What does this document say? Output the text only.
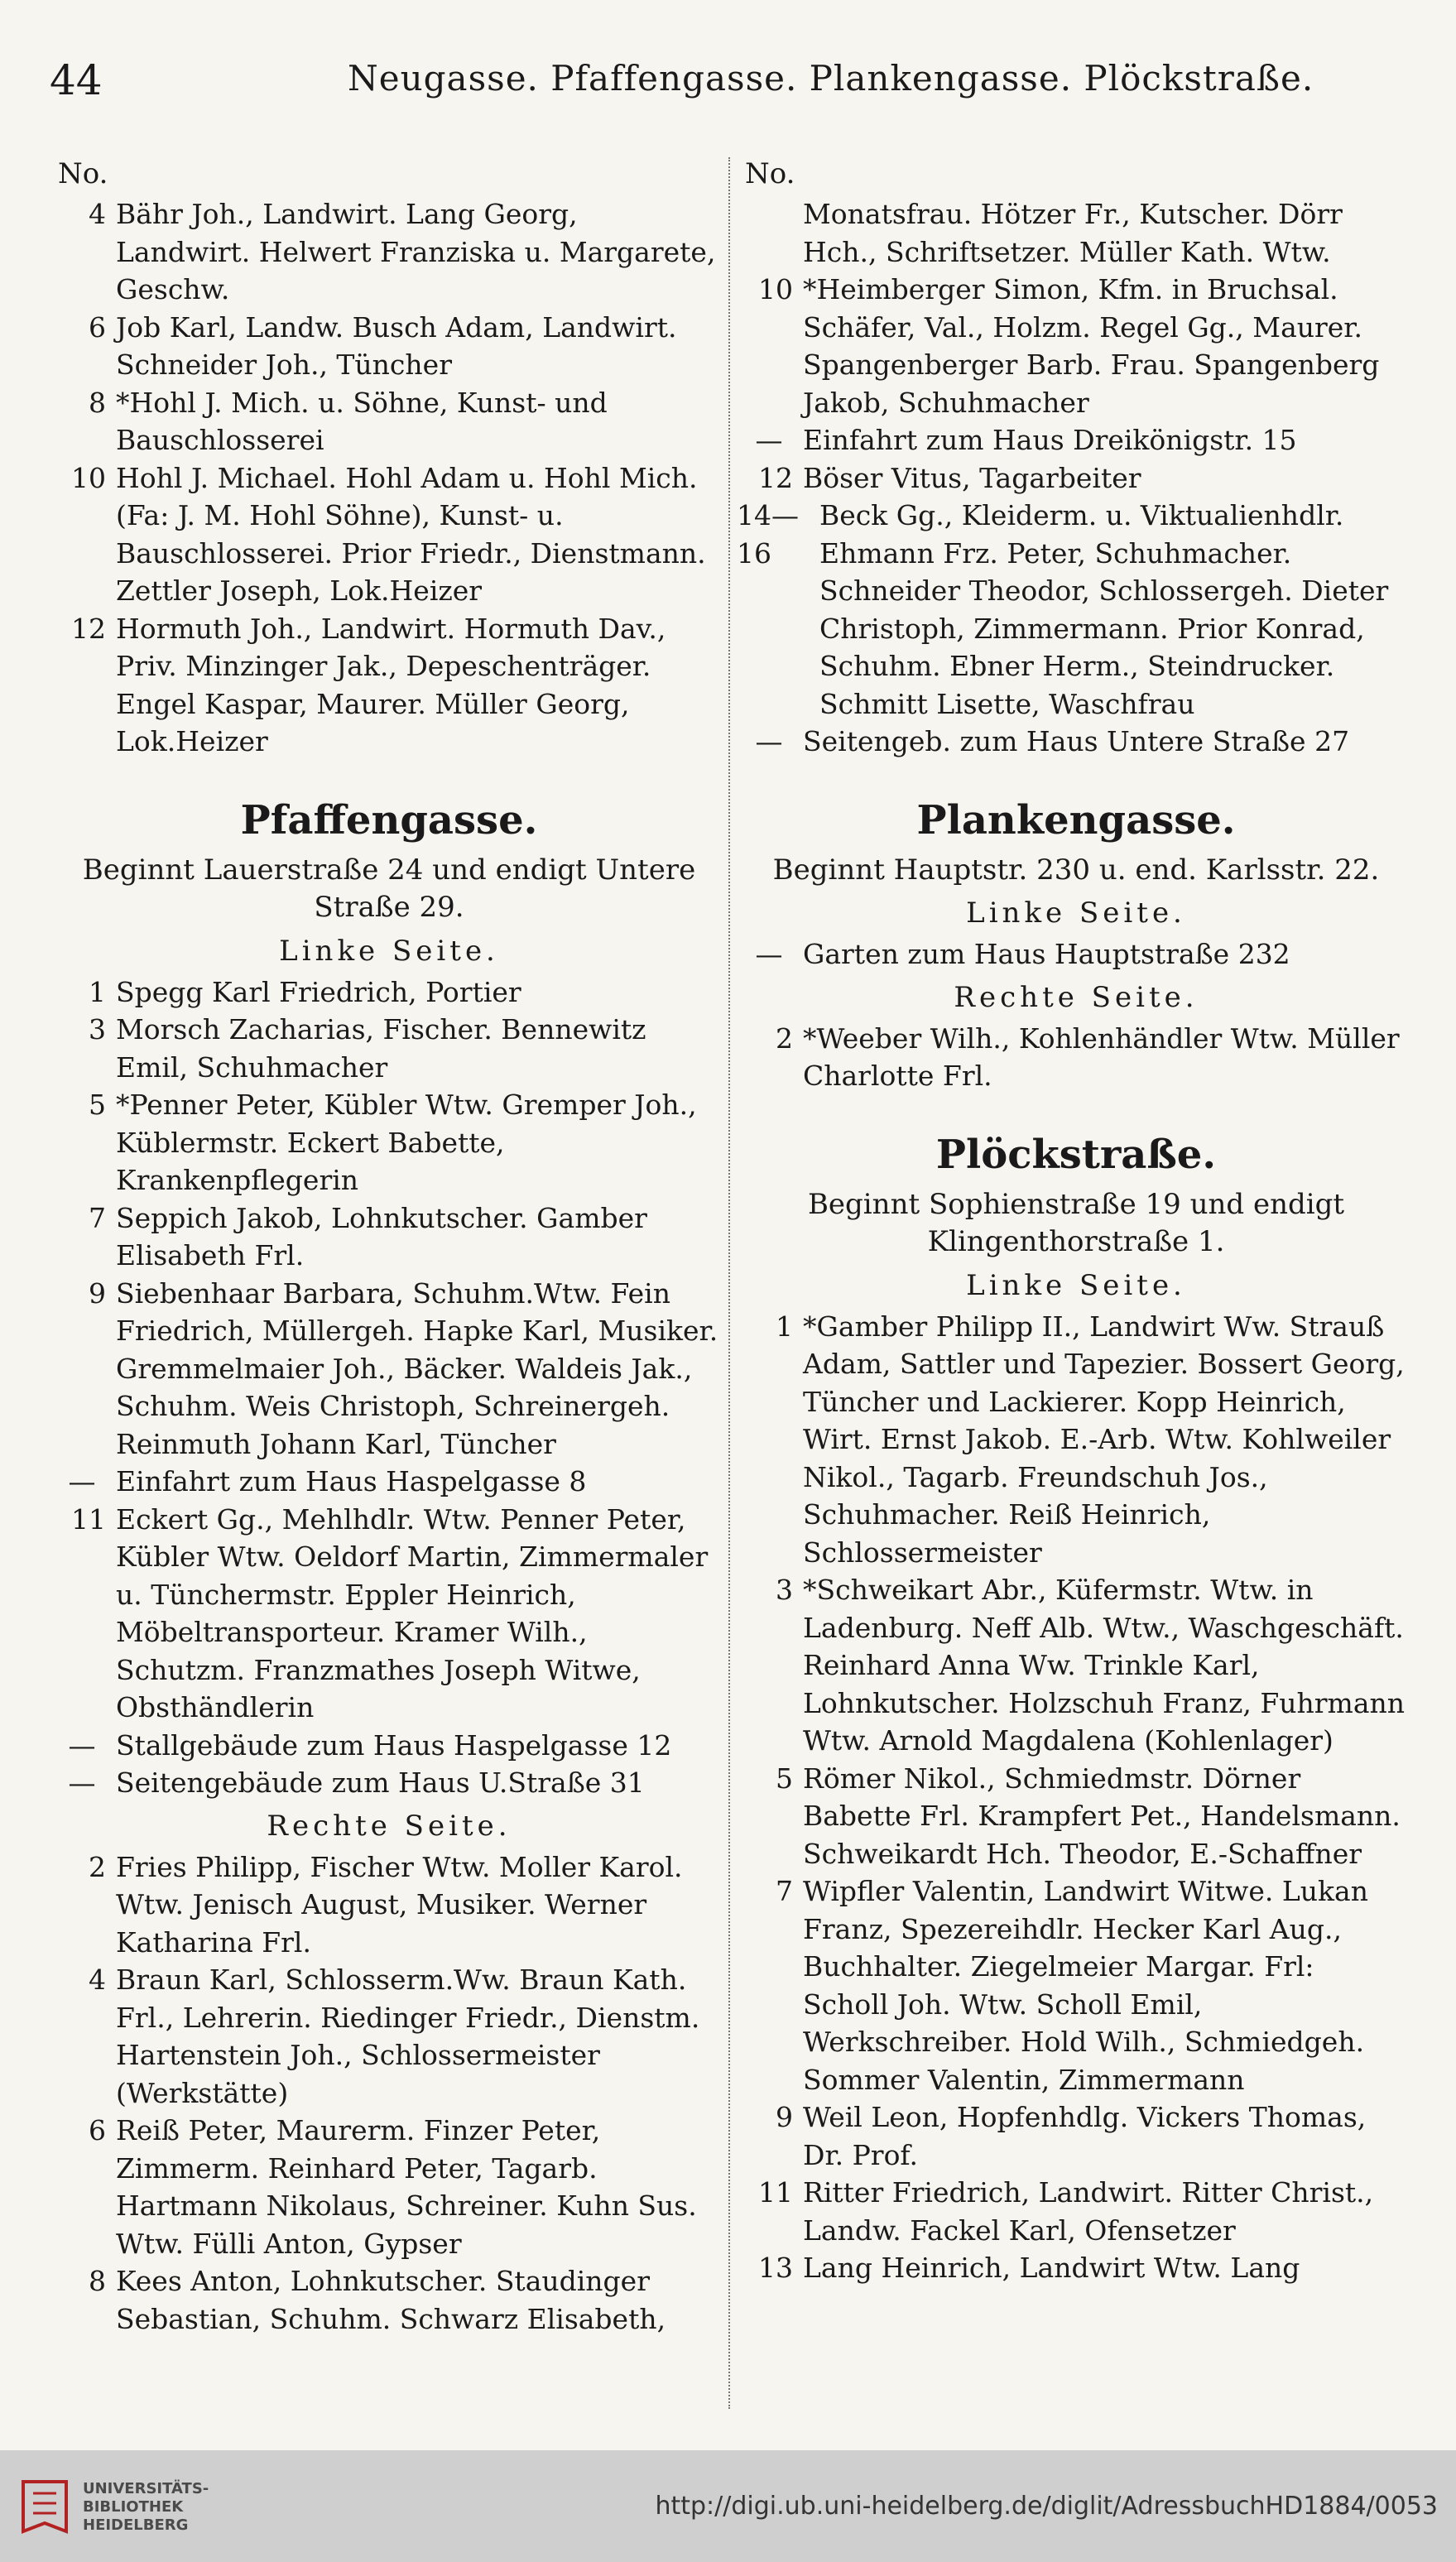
44	Neugasse. Pfaffengasse. Plankengasse. Plöckstraße.
No.
4 Bähr Joh., Landwirt. Lang Georg, Landwirt. Helwert Franziska u. Margarete, Geschw.
6 Job Karl, Landw. Busch Adam, Landwirt. Schneider Joh., Tüncher
8 *Hohl J. Mich. u. Söhne, Kunst- und Bauschlosserei
10 Hohl J. Michael. Hohl Adam u. Hohl Mich. (Fa: J. M. Hohl Söhne), Kunst- u. Bauschlosserei. Prior Friedr., Dienstmann. Zettler Joseph, Lok.Heizer
12 Hormuth Joh., Landwirt. Hormuth Dav., Priv. Minzinger Jak., Depeschenträger. Engel Kaspar, Maurer. Müller Georg, Lok.Heizer
Pfaffengasse.
Beginnt Lauerstraße 24 und endigt Untere Straße 29.
Linke Seite.
1 Spegg Karl Friedrich, Portier
3 Morsch Zacharias, Fischer. Bennewitz Emil, Schuhmacher
5 *Penner Peter, Kübler Wtw. Gremper Joh., Küblermstr. Eckert Babette, Krankenpflegerin
7 Seppich Jakob, Lohnkutscher. Gamber Elisabeth Frl.
9 Siebenhaar Barbara, Schuhm.Wtw. Fein Friedrich, Müllergeh. Hapke Karl, Musiker. Gremmelmaier Joh., Bäcker. Waldeis Jak., Schuhm. Weis Christoph, Schreinergeh. Reinmuth Johann Karl, Tüncher
— Einfahrt zum Haus Haspelgasse 8
11 Eckert Gg., Mehlhdlr. Wtw. Penner Peter, Kübler Wtw. Oeldorf Martin, Zimmermaler u. Tünchermstr. Eppler Heinrich, Möbeltransporteur. Kramer Wilh., Schutzm. Franzmathes Joseph Witwe, Obsthändlerin
— Stallgebäude zum Haus Haspelgasse 12
— Seitengebäude zum Haus U.Straße 31
Rechte Seite.
2 Fries Philipp, Fischer Wtw. Moller Karol. Wtw. Jenisch August, Musiker. Werner Katharina Frl.
4 Braun Karl, Schlosserm.Ww. Braun Kath. Frl., Lehrerin. Riedinger Friedr., Dienstm. Hartenstein Joh., Schlossermeister (Werkstätte)
6 Reiß Peter, Maurerm. Finzer Peter, Zimmerm. Reinhard Peter, Tagarb. Hartmann Nikolaus, Schreiner. Kuhn Sus. Wtw. Fülli Anton, Gypser
8 Kees Anton, Lohnkutscher. Staudinger Sebastian, Schuhm. Schwarz Elisabeth,
No.
Monatsfrau. Hötzer Fr., Kutscher. Dörr Hch., Schriftsetzer. Müller Kath. Wtw.
10 *Heimberger Simon, Kfm. in Bruchsal. Schäfer, Val., Holzm. Regel Gg., Maurer. Spangenberger Barb. Frau. Spangenberg Jakob, Schuhmacher
— Einfahrt zum Haus Dreikönigstr. 15
12 Böser Vitus, Tagarbeiter
14—16
Beck Gg., Kleiderm. u. Viktualienhdlr. Ehmann Frz. Peter, Schuhmacher. Schneider Theodor, Schlossergeh. Dieter Christoph, Zimmermann. Prior Konrad, Schuhm. Ebner Herm., Steindrucker. Schmitt Lisette, Waschfrau
— Seitengeb. zum Haus Untere Straße 27
Plankengasse.
Beginnt Hauptstr. 230 u. end. Karlsstr. 22.
Linke Seite.
— Garten zum Haus Hauptstraße 232
Rechte Seite.
2 *Weeber Wilh., Kohlenhändler Wtw. Müller Charlotte Frl.
Plöckstraße.
Beginnt Sophienstraße 19 und endigt Klingenthorstraße 1.
Linke Seite.
1 *Gamber Philipp II., Landwirt Ww. Strauß Adam, Sattler und Tapezier. Bossert Georg, Tüncher und Lackierer. Kopp Heinrich, Wirt. Ernst Jakob. E.-Arb. Wtw. Kohlweiler Nikol., Tagarb. Freundschuh Jos., Schuhmacher. Reiß Heinrich, Schlossermeister
3 *Schweikart Abr., Küfermstr. Wtw. in Ladenburg. Neff Alb. Wtw., Waschgeschäft. Reinhard Anna Ww. Trinkle Karl, Lohnkutscher. Holzschuh Franz, Fuhrmann Wtw. Arnold Magdalena (Kohlenlager)
5 Römer Nikol., Schmiedmstr. Dörner Babette Frl. Krampfert Pet., Handelsmann. Schweikardt Hch. Theodor, E.-Schaffner
7 Wipfler Valentin, Landwirt Witwe. Lukan Franz, Spezereihdlr. Hecker Karl Aug., Buchhalter. Ziegelmeier Margar. Frl: Scholl Joh. Wtw. Scholl Emil, Werkschreiber. Hold Wilh., Schmiedgeh. Sommer Valentin, Zimmermann
9 Weil Leon, Hopfenhdlg. Vickers Thomas, Dr. Prof.
11 Ritter Friedrich, Landwirt. Ritter Christ., Landw. Fackel Karl, Ofensetzer
13 Lang Heinrich, Landwirt Wtw. Lang
UNIVERSITÄTS-
BIBLIOTHEK
HEIDELBERG
http://digi.ub.uni-heidelberg.de/diglit/AdressbuchHD1884/0053
